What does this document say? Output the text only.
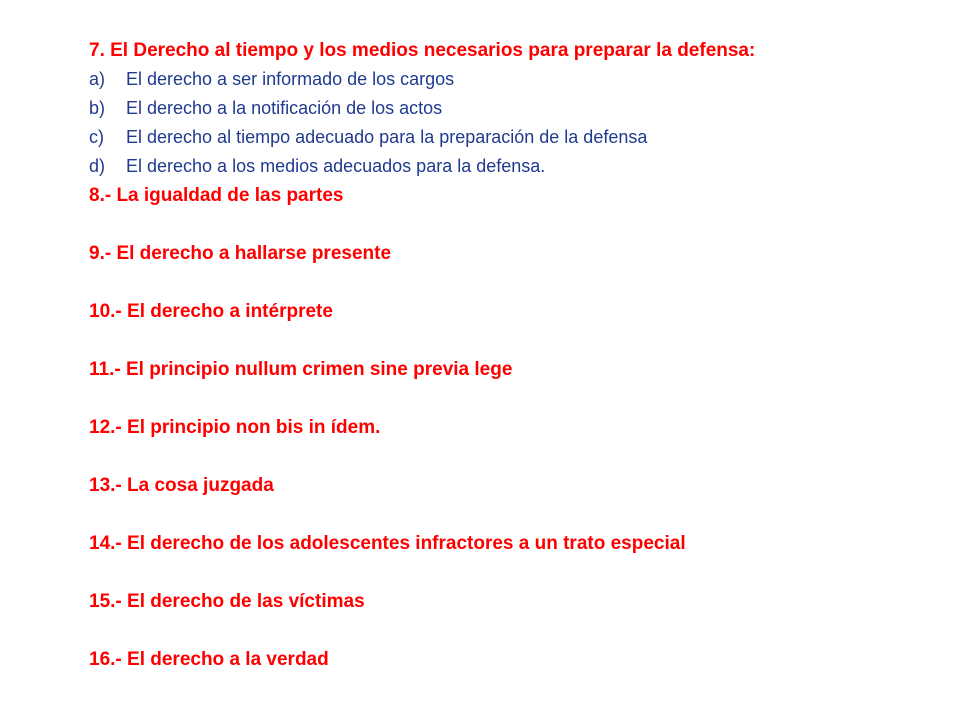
7. El Derecho al tiempo y los medios necesarios para preparar la defensa:
a)	El derecho a ser informado de los cargos
b)	El derecho a la notificación de los actos
c)	El derecho al tiempo adecuado para la preparación de la defensa
d)	El derecho a los medios adecuados para la defensa.
8.- La igualdad de las partes
9.- El derecho a hallarse presente
10.- El derecho a intérprete
11.- El principio nullum crimen sine previa lege
12.- El principio non bis in ídem.
13.- La cosa juzgada
14.- El derecho de los adolescentes infractores a un trato especial
15.- El derecho de las víctimas
16.- El derecho a la verdad
